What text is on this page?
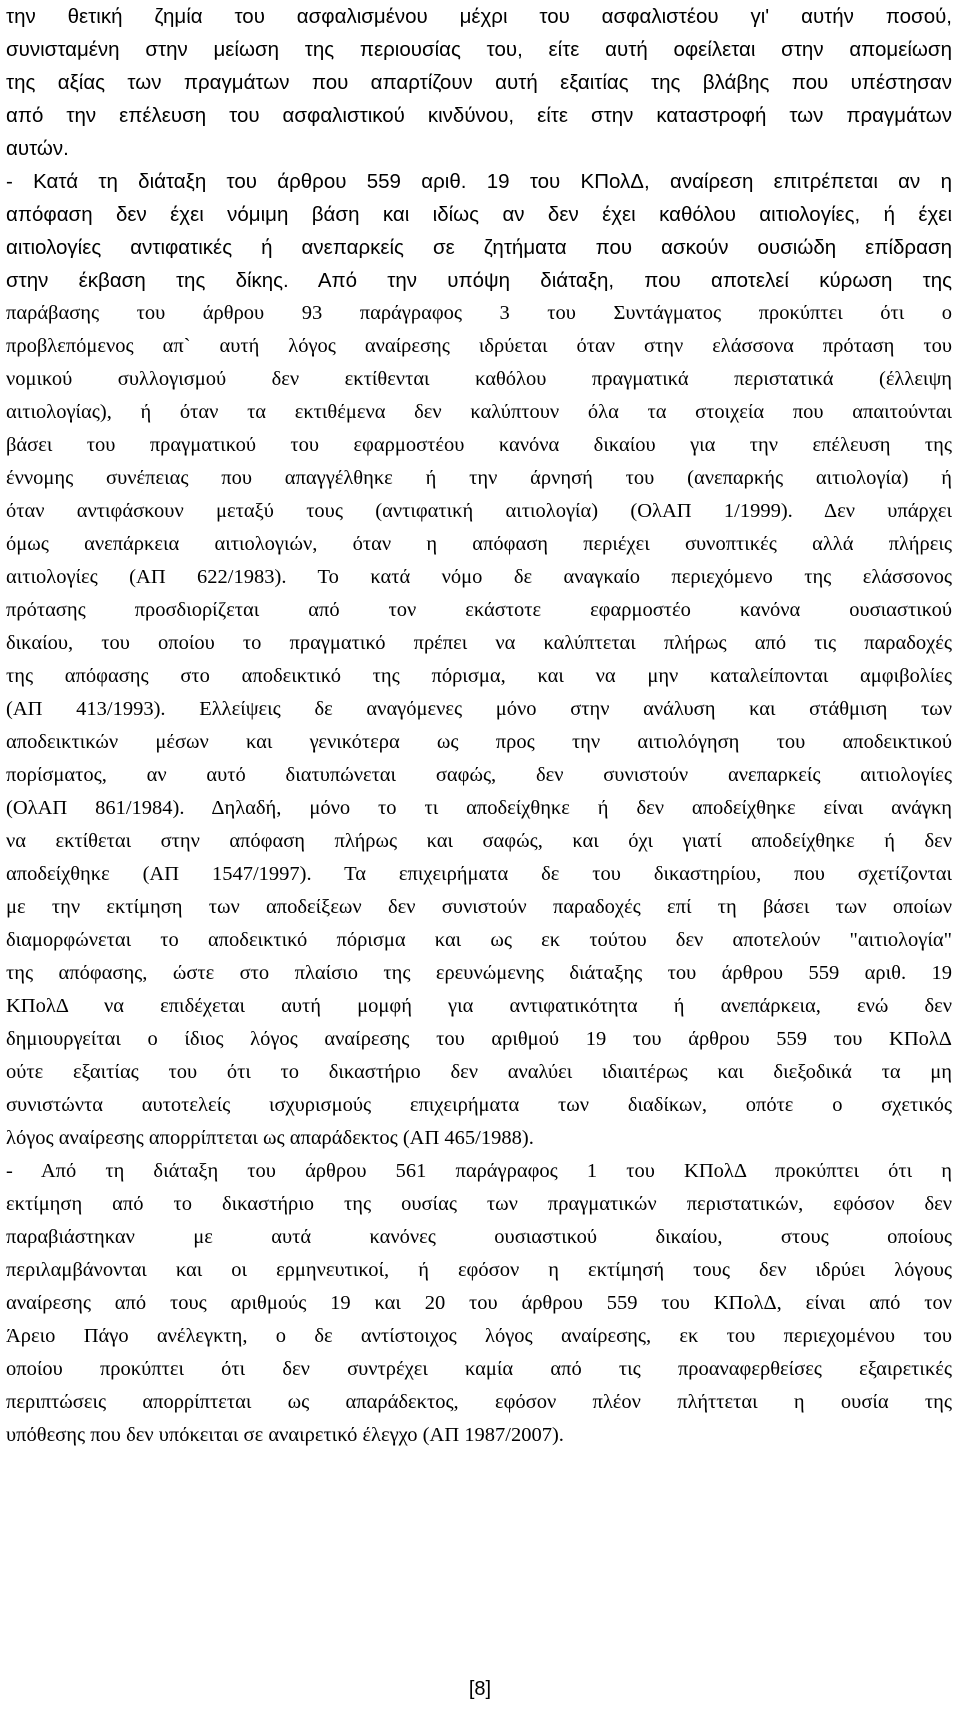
την θετική ζημία του ασφαλισμένου μέχρι του ασφαλιστέου γι' αυτήν ποσού,
συνισταμένη στην μείωση της περιουσίας του, είτε αυτή οφείλεται στην απομείωση
της αξίας των πραγμάτων που απαρτίζουν αυτή εξαιτίας της βλάβης που υπέστησαν
από την επέλευση του ασφαλιστικού κινδύνου, είτε στην καταστροφή των πραγμάτων
αυτών.
- Κατά τη διάταξη του άρθρου 559 αριθ. 19 του ΚΠολΔ, αναίρεση επιτρέπεται αν η
απόφαση δεν έχει νόμιμη βάση και ιδίως αν δεν έχει καθόλου αιτιολογίες, ή έχει
αιτιολογίες αντιφατικές ή ανεπαρκείς σε ζητήματα που ασκούν ουσιώδη επίδραση
στην έκβαση της δίκης. Από την υπόψη διάταξη, που αποτελεί κύρωση της
παράβασης του άρθρου 93 παράγραφος 3 του Συντάγματος προκύπτει ότι ο
προβλεπόμενος απ` αυτή λόγος αναίρεσης ιδρύεται όταν στην ελάσσονα πρόταση του
νομικού συλλογισμού δεν εκτίθενται καθόλου πραγματικά περιστατικά (έλλειψη
αιτιολογίας), ή όταν τα εκτιθέμενα δεν καλύπτουν όλα τα στοιχεία που απαιτούνται
βάσει του πραγματικού του εφαρμοστέου κανόνα δικαίου για την επέλευση της
έννομης συνέπειας που απαγγέλθηκε ή την άρνησή του (ανεπαρκής αιτιολογία) ή
όταν αντιφάσκουν μεταξύ τους (αντιφατική αιτιολογία) (ΟλΑΠ 1/1999). Δεν υπάρχει
όμως ανεπάρκεια αιτιολογιών, όταν η απόφαση περιέχει συνοπτικές αλλά πλήρεις
αιτιολογίες (ΑΠ 622/1983). Το κατά νόμο δε αναγκαίο περιεχόμενο της ελάσσονος
πρότασης προσδιορίζεται από τον εκάστοτε εφαρμοστέο κανόνα ουσιαστικού
δικαίου, του οποίου το πραγματικό πρέπει να καλύπτεται πλήρως από τις παραδοχές
της απόφασης στο αποδεικτικό της πόρισμα, και να μην καταλείπονται αμφιβολίες
(ΑΠ 413/1993). Ελλείψεις δε αναγόμενες μόνο στην ανάλυση και στάθμιση των
αποδεικτικών μέσων και γενικότερα ως προς την αιτιολόγηση του αποδεικτικού
πορίσματος, αν αυτό διατυπώνεται σαφώς, δεν συνιστούν ανεπαρκείς αιτιολογίες
(ΟλΑΠ 861/1984). Δηλαδή, μόνο το τι αποδείχθηκε ή δεν αποδείχθηκε είναι ανάγκη
να εκτίθεται στην απόφαση πλήρως και σαφώς, και όχι γιατί αποδείχθηκε ή δεν
αποδείχθηκε (ΑΠ 1547/1997). Τα επιχειρήματα δε του δικαστηρίου, που σχετίζονται
με την εκτίμηση των αποδείξεων δεν συνιστούν παραδοχές επί τη βάσει των οποίων
διαμορφώνεται το αποδεικτικό πόρισμα και ως εκ τούτου δεν αποτελούν "αιτιολογία"
της απόφασης, ώστε στο πλαίσιο της ερευνώμενης διάταξης του άρθρου 559 αριθ. 19
ΚΠολΔ να επιδέχεται αυτή μομφή για αντιφατικότητα ή ανεπάρκεια, ενώ δεν
δημιουργείται ο ίδιος λόγος αναίρεσης του αριθμού 19 του άρθρου 559 του ΚΠολΔ
ούτε εξαιτίας του ότι το δικαστήριο δεν αναλύει ιδιαιτέρως και διεξοδικά τα μη
συνιστώντα αυτοτελείς ισχυρισμούς επιχειρήματα των διαδίκων, οπότε ο σχετικός
λόγος αναίρεσης απορρίπτεται ως απαράδεκτος (ΑΠ 465/1988).
- Από τη διάταξη του άρθρου 561 παράγραφος 1 του ΚΠολΔ προκύπτει ότι η
εκτίμηση από το δικαστήριο της ουσίας των πραγματικών περιστατικών, εφόσον δεν
παραβιάστηκαν με αυτά κανόνες ουσιαστικού δικαίου, στους οποίους
περιλαμβάνονται και οι ερμηνευτικοί, ή εφόσον η εκτίμησή τους δεν ιδρύει λόγους
αναίρεσης από τους αριθμούς 19 και 20 του άρθρου 559 του ΚΠολΔ, είναι από τον
Άρειο Πάγο ανέλεγκτη, ο δε αντίστοιχος λόγος αναίρεσης, εκ του περιεχομένου του
οποίου προκύπτει ότι δεν συντρέχει καμία από τις προαναφερθείσες εξαιρετικές
περιπτώσεις απορρίπτεται ως απαράδεκτος, εφόσον πλέον πλήττεται η ουσία της
υπόθεσης που δεν υπόκειται σε αναιρετικό έλεγχο (ΑΠ 1987/2007).
[8]
